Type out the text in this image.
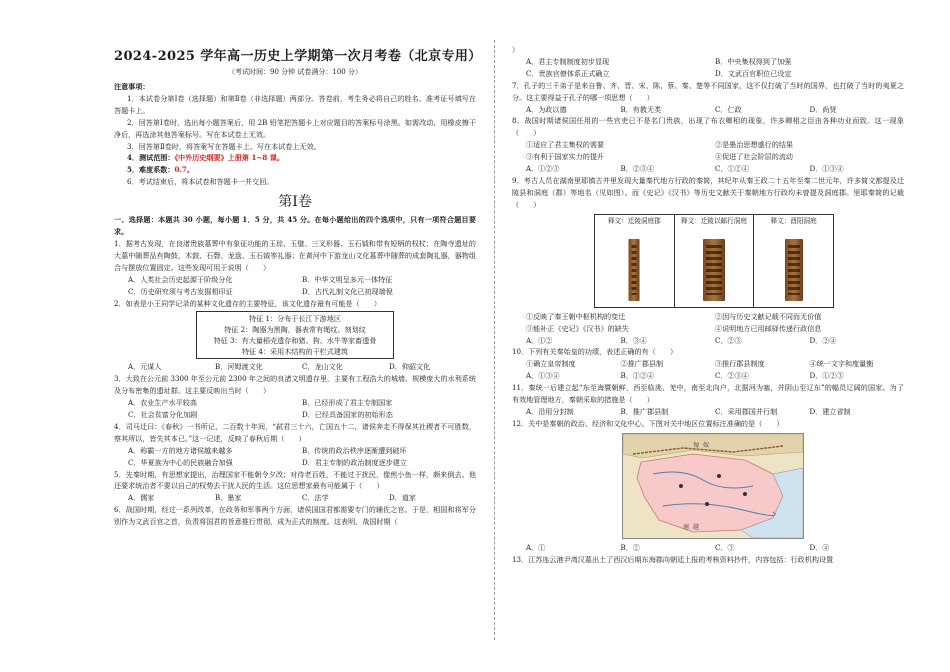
2024-2025 学年高一历史上学期第一次月考卷（北京专用）
（考试时间：90 分钟 试卷满分：100 分）

注意事项：

1．本试卷分第Ⅰ卷（选择题）和第Ⅱ卷（非选择题）两部分。答卷前，考生务必将自己的姓名、准考证号填写在答题卡上。

2．回答第Ⅰ卷时，选出每小题答案后，用 2B 铅笔把答题卡上对应题目的答案标号涂黑。如需改动，用橡皮擦干净后，再选涂其他答案标号。写在本试卷上无效。

3．回答第Ⅱ卷时，将答案写在答题卡上。写在本试卷上无效。

4．测试范围：《中外历史纲要》上册第 1~8 课。

5．难度系数：0.7。

6．考试结束后，将本试卷和答题卡一并交回。

第Ⅰ卷

一、选择题：本题共 30 小题，每小题 1．5 分，共 45 分。在每小题给出的四个选项中，只有一项符合题目要求。

1．据考古发现，在良渚贵族墓葬中有象征功能的玉琮、玉璧、三叉形器、玉石钺和带有短柄的权杖；在陶寺遗址的大墓中随葬品有陶鼓、木鼓、石磬、龙盘、玉石钺等礼器；在黄河中下游龙山文化墓葬中随葬的成套陶礼器，器物组合与摆放位置固定。这些发现可用于说明（　　）
A．人类社会历史起源于阶级分化	B．中华文明呈多元一体特征
C．历史研究须与考古发掘相印证	D．古代礼制文化已初现端倪
2．如表是小王同学记录的某种文化遗存的主要特征，该文化遗存最有可能是（　　）
特征 1：分布于长江下游地区
特征 2：陶器为黑陶，器表常有绳纹、刻划纹
特征 3：有大量稻壳遗存和猪、狗、水牛等家畜遗骨
特征 4：采用木结构的干栏式建筑
A．元谋人	B．河姆渡文化	C．龙山文化	D．仰韶文化
3．大致在公元前 3300 年至公元前 2300 年之间的良渚文明遗存里，主要有工程浩大的城墙、规模庞大的水利系统及分布密集的遗址群。这主要反映出当时（　　）
A．农业生产水平较高	B．已经形成了君主专制国家
C．社会贫富分化加剧	D．已经具备国家的初始形态
4．司马迁曰：《春秋》一书所记，二百数十年间，“弑君三十六，亡国五十二，诸侯奔走不得保其社稷者不可胜数，察其所以，皆失其本已。”这一记述，反映了春秋后期（　　）
A．称霸一方的地方诸侯越来越多	B．传统的政治秩序逐渐遭到破坏
C．华夏族为中心的民族融合加强	D．君主专制的政治制度逐步建立
5．先秦时期，有思想家提出，治理国家不能朝令夕改；对待老百姓，不能过于扰民，像煎小鱼一样，颇来倒去。他还要求统治者不要以自己的权势去干扰人民的生活。这位思想家最有可能属于（　　）
A．儒家	B．墨家	C．法学	D．道家
6．战国时期，经过一系列改革，在政务和军事两个方面，诸侯国国君都需要专门的辅佐之官。于是，相国和将军分别作为文武百官之首，负责将国君的旨意推行贯彻，成为正式的制度。这表明，战国时期（　　
）
A．君主专制制度初步显现	B．中央集权得到了加强
C．贵族官僚体系正式确立	D．文武百官职位已设定
7．孔子的三千弟子是来自鲁、齐、晋、宋、陈、蔡、秦、楚等不同国家，这不仅打破了当时的国界，也打破了当时的夷夏之分。这主要得益于孔子的哪一项思想（　　）
A．为政以德	B．有教无类	C．仁政	D．尚贤
8．战国时期诸侯国任用的一些官吏已不是名门贵族，出现了布衣卿相的现象，许多卿相之臣由各种功业而致。这一现象（　　）
①适应了君主集权的需要	②是墨治思想盛行的结果
③有利于国家实力的提升	④促进了社会阶层的流动
A．①②③	B．②③④	C．①②④	D．①③④
9．考古人员在湖南里耶镇古井里发现大量秦代地方行政的秦简，其纪年从秦王政二十五年至秦二世元年，许多简文都提及迁陵县和洞庭（郡）等地名（见如图）。而《史记》《汉书》等历史文献关于秦朝地方行政均未曾提及洞庭郡。里耶秦简的记载（　　）
释文：迁陵洞庭郡	释文：迁陵以邮行洞庭	释文：酉阳洞庭
①反映了秦王朝中枢机构的变迁	②因与历史文献记载不同而无价值
③能补正《史记》《汉书》的缺失	④说明地方已用邮驿传递行政信息
A．①②	B．③④	C．②③	D．②④
10．下列有关秦始皇的功绩，表述正确的有（　　）
①确立皇帝制度	②推广郡县制	③推行郡县制度	④统一文字和度量衡
A．①③④	B．①②④	C．②③④	D．①②③
11．秦统一后建立起“东至海暨朝鲜，西至临洮、羌中，南至北向户，北据河为塞，并阴山至辽东”的幅员辽阔的国家。为了有效地管理地方，秦朝采取的措施是（　　）
A．沿用分封制	B．推广郡县制	C．采用郡国并行制	D．建立省制
12．关中是秦朝的政治、经济和文化中心。下图对关中地区位置标注准确的是（　　）
匈 奴
南 越
A．①	B．②	C．③	D．④
13．江苏连云港尹湾汉墓出土了西汉后期东海郡向朝廷上报的考核资料抄件，内容包括：行政机构设置
